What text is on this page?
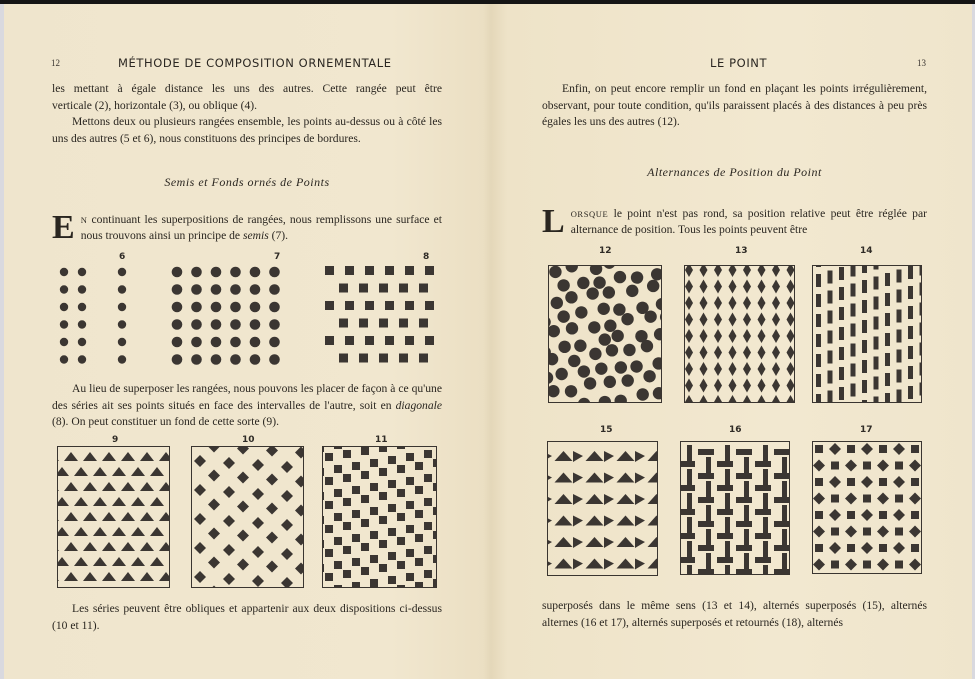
12	MÉTHODE DE COMPOSITION ORNEMENTALE

les mettant à égale distance les uns des autres. Cette rangée peut être

verticale (2), horizontale (3), ou oblique (4).

Mettons deux ou plusieurs rangées ensemble, les points au-dessus ou à côté les uns des autres (5 et 6), nous constituons des principes de bordures.

Semis et Fonds ornés de Points
E N continuant les superpositions de rangées, nous remplissons une surface et nous trouvons ainsi un principe de semis (7).
6	7	8

Au lieu de superposer les rangées, nous pouvons les placer de façon à ce qu'une des séries ait ses points situés en face des intervalles de l'autre, soit en diagonale (8). On peut constituer un fond de cette sorte (9).

9	10	11

Les séries peuvent être obliques et appartenir aux deux dispositions ci-dessus (10 et 11).

LE POINT	13

Enfin, on peut encore remplir un fond en plaçant les points irrégulièrement, observant, pour toute condition, qu'ils paraissent placés à des distances à peu près égales les uns des autres (12).

Alternances de Position du Point
LORSQUE le point n'est pas rond, sa position relative peut être réglée par alternance de position. Tous les points peuvent être
12	13	14
15	16	17

superposés dans le même sens (13 et 14), alternés superposés (15), alternés alternes (16 et 17), alternés superposés et retournés (18), alternés
